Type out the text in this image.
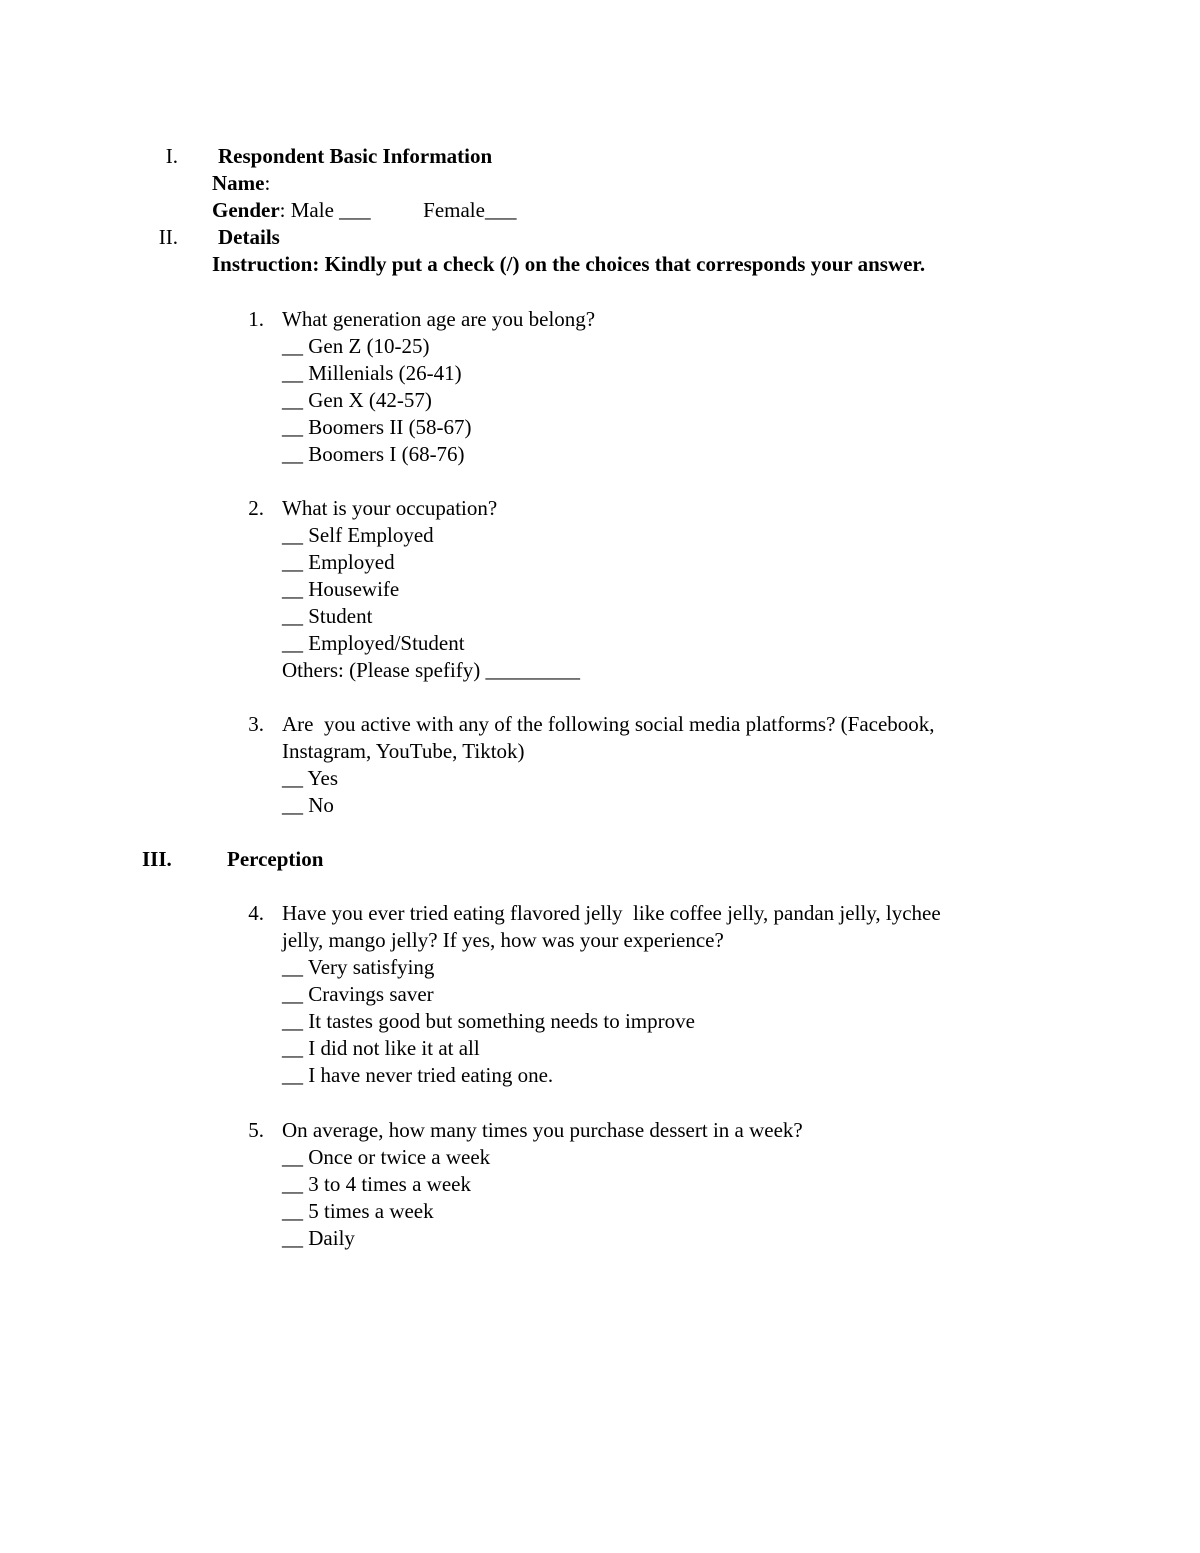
I. Respondent Basic Information
Name:
Gender: Male ___          Female___
II. Details
Instruction: Kindly put a check (/) on the choices that corresponds your answer.
1. What generation age are you belong?
__ Gen Z (10-25)
__ Millenials (26-41)
__ Gen X (42-57)
__ Boomers II (58-67)
__ Boomers I (68-76)
2. What is your occupation?
__ Self Employed
__ Employed
__ Housewife
__ Student
__ Employed/Student
Others: (Please spefify) _________
3. Are  you active with any of the following social media platforms? (Facebook,
Instagram, YouTube, Tiktok)
__ Yes
__ No
III.	Perception
4. Have you ever tried eating flavored jelly  like coffee jelly, pandan jelly, lychee
jelly, mango jelly? If yes, how was your experience?
__ Very satisfying
__ Cravings saver
__ It tastes good but something needs to improve
__ I did not like it at all
__ I have never tried eating one.
5. On average, how many times you purchase dessert in a week?
__ Once or twice a week
__ 3 to 4 times a week
__ 5 times a week
__ Daily
